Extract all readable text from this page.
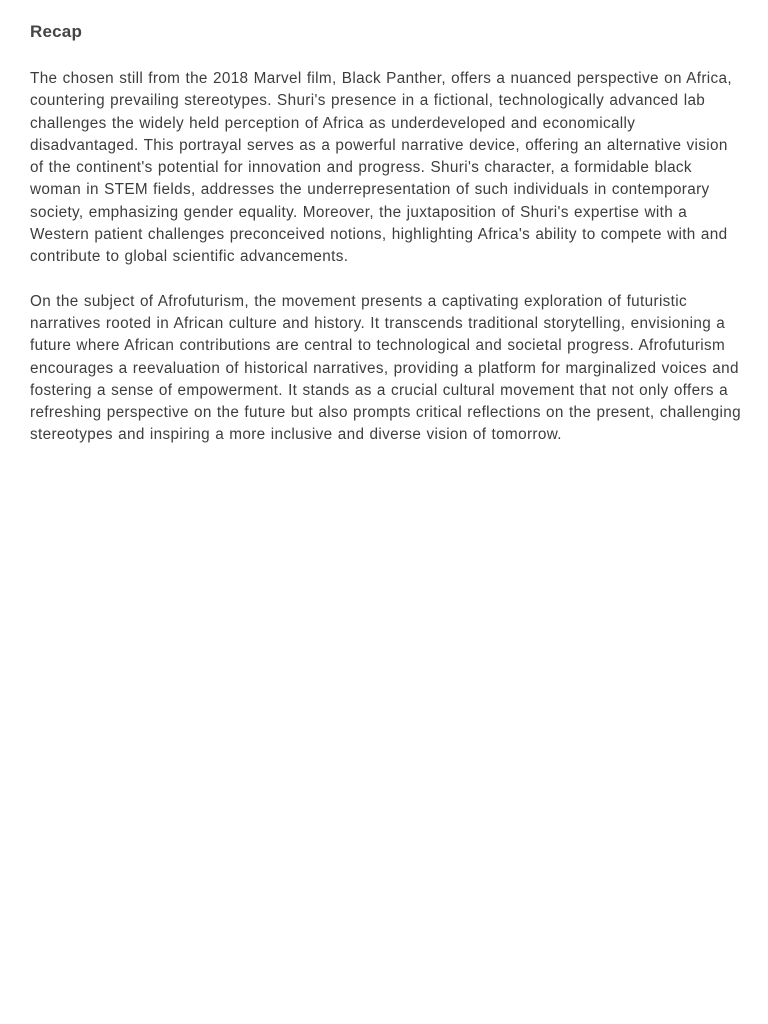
Recap

The chosen still from the 2018 Marvel film, Black Panther, offers a nuanced perspective on Africa, countering prevailing stereotypes. Shuri's presence in a fictional, technologically advanced lab challenges the widely held perception of Africa as underdeveloped and economically disadvantaged. This portrayal serves as a powerful narrative device, offering an alternative vision of the continent's potential for innovation and progress. Shuri's character, a formidable black woman in STEM fields, addresses the underrepresentation of such individuals in contemporary society, emphasizing gender equality. Moreover, the juxtaposition of Shuri's expertise with a Western patient challenges preconceived notions, highlighting Africa's ability to compete with and contribute to global scientific advancements.

On the subject of Afrofuturism, the movement presents a captivating exploration of futuristic narratives rooted in African culture and history. It transcends traditional storytelling, envisioning a future where African contributions are central to technological and societal progress. Afrofuturism encourages a reevaluation of historical narratives, providing a platform for marginalized voices and fostering a sense of empowerment. It stands as a crucial cultural movement that not only offers a refreshing perspective on the future but also prompts critical reflections on the present, challenging stereotypes and inspiring a more inclusive and diverse vision of tomorrow.
